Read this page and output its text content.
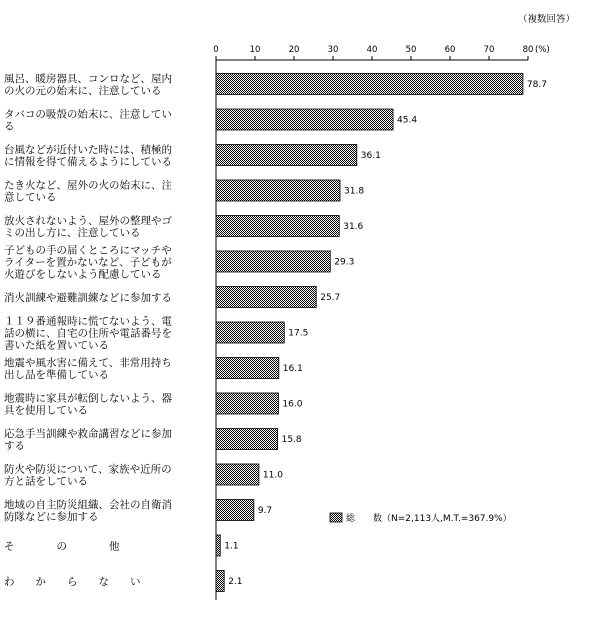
（複数回答）
0	10	20	30	40	50	60	70	80 (%)
78.7
風呂、暖房器具、コンロなど、屋内
の火の元の始末に、注意している
45.4
タバコの吸殻の始末に、注意してい
る
36.1
台風などが近付いた時には、積極的
に情報を得て備えるようにしている
31.8
たき火など、屋外の火の始末に、注
意している
31.6
放火されないよう、屋外の整理やゴ
ミの出し方に、注意している
29.3
子どもの手の届くところにマッチや
ライターを置かないなど、子どもが
火遊びをしないよう配慮している
25.7
消火訓練や避難訓練などに参加する
17.5
１１９番通報時に慌てないよう、電
話の横に、自宅の住所や電話番号を
書いた紙を置いている
16.1
地震や風水害に備えて、非常用持ち
出し品を準備している
16.0
地震時に家具が転倒しないよう、器
具を使用している
15.8
応急手当訓練や救命講習などに参加
する
11.0
防火や防災について、家族や近所の
方と話をしている
9.7
地域の自主防災組織、会社の自衛消
防隊などに参加する
1.1
そ　　　　の　　　　他
2.1
わ　　か　　ら　　な　　い
総　　数（N=2,113人,M.T.=367.9%）
